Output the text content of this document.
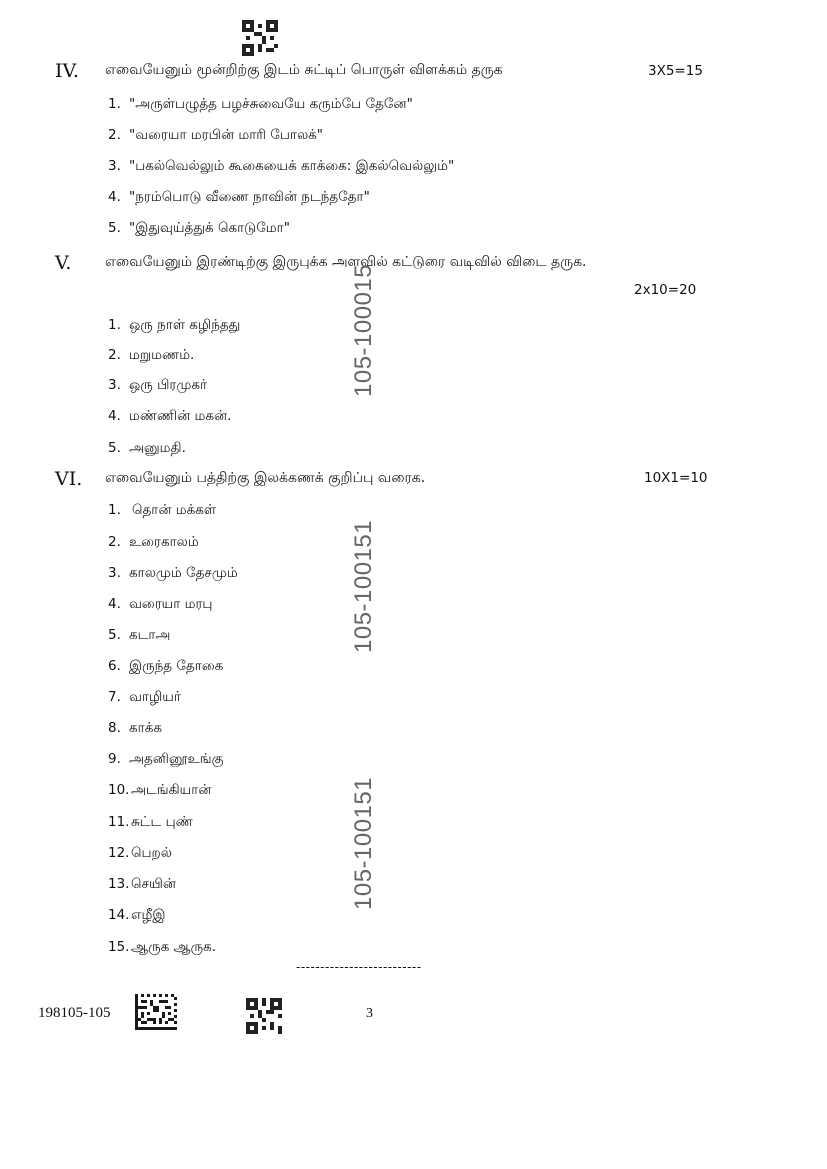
IV. எவையேனும் மூன்றிற்கு இடம் சுட்டிப் பொருள் விளக்கம் தருக	3X5=15
1. "அருள்பழுத்த பழச்சுவையே கரும்பே தேனே"
2. "வரையா மரபின் மாரி போலக்"
3. "பகல்வெல்லும் கூகையைக் காக்கை: இகல்வெல்லும்"
4. "நரம்பொடு வீணை நாவின் நடந்ததோ"
5. "இதுவுய்த்துக் கொடுமோ"
V. எவையேனும் இரண்டிற்கு இருபுக்க அளவில் கட்டுரை வடிவில் விடை தருக.
2x10=20
1. ஒரு நாள் கழிந்தது
2. மறுமணம்.
3. ஒரு பிரமுகர்
4. மண்ணின் மகன்.
5. அனுமதி.
VI. எவையேனும் பத்திற்கு இலக்கணக் குறிப்பு வரைக.	10X1=10
1. தொன் மக்கள்
2. உரைகாலம்
3. காலமும் தேசமும்
4. வரையா மரபு
5. கடாஅ
6. இருந்த தோகை
7. வாழியர்
8. காக்க
9. அதனினூஉங்கு
10. அடங்கியான்
11. சுட்ட புண்
12. பெறல்
13. செயின்
14. எழீஇ
15. ஆருக ஆருக.
105-100015
105-100151
105-100151
--------------------------
198105-105	3
